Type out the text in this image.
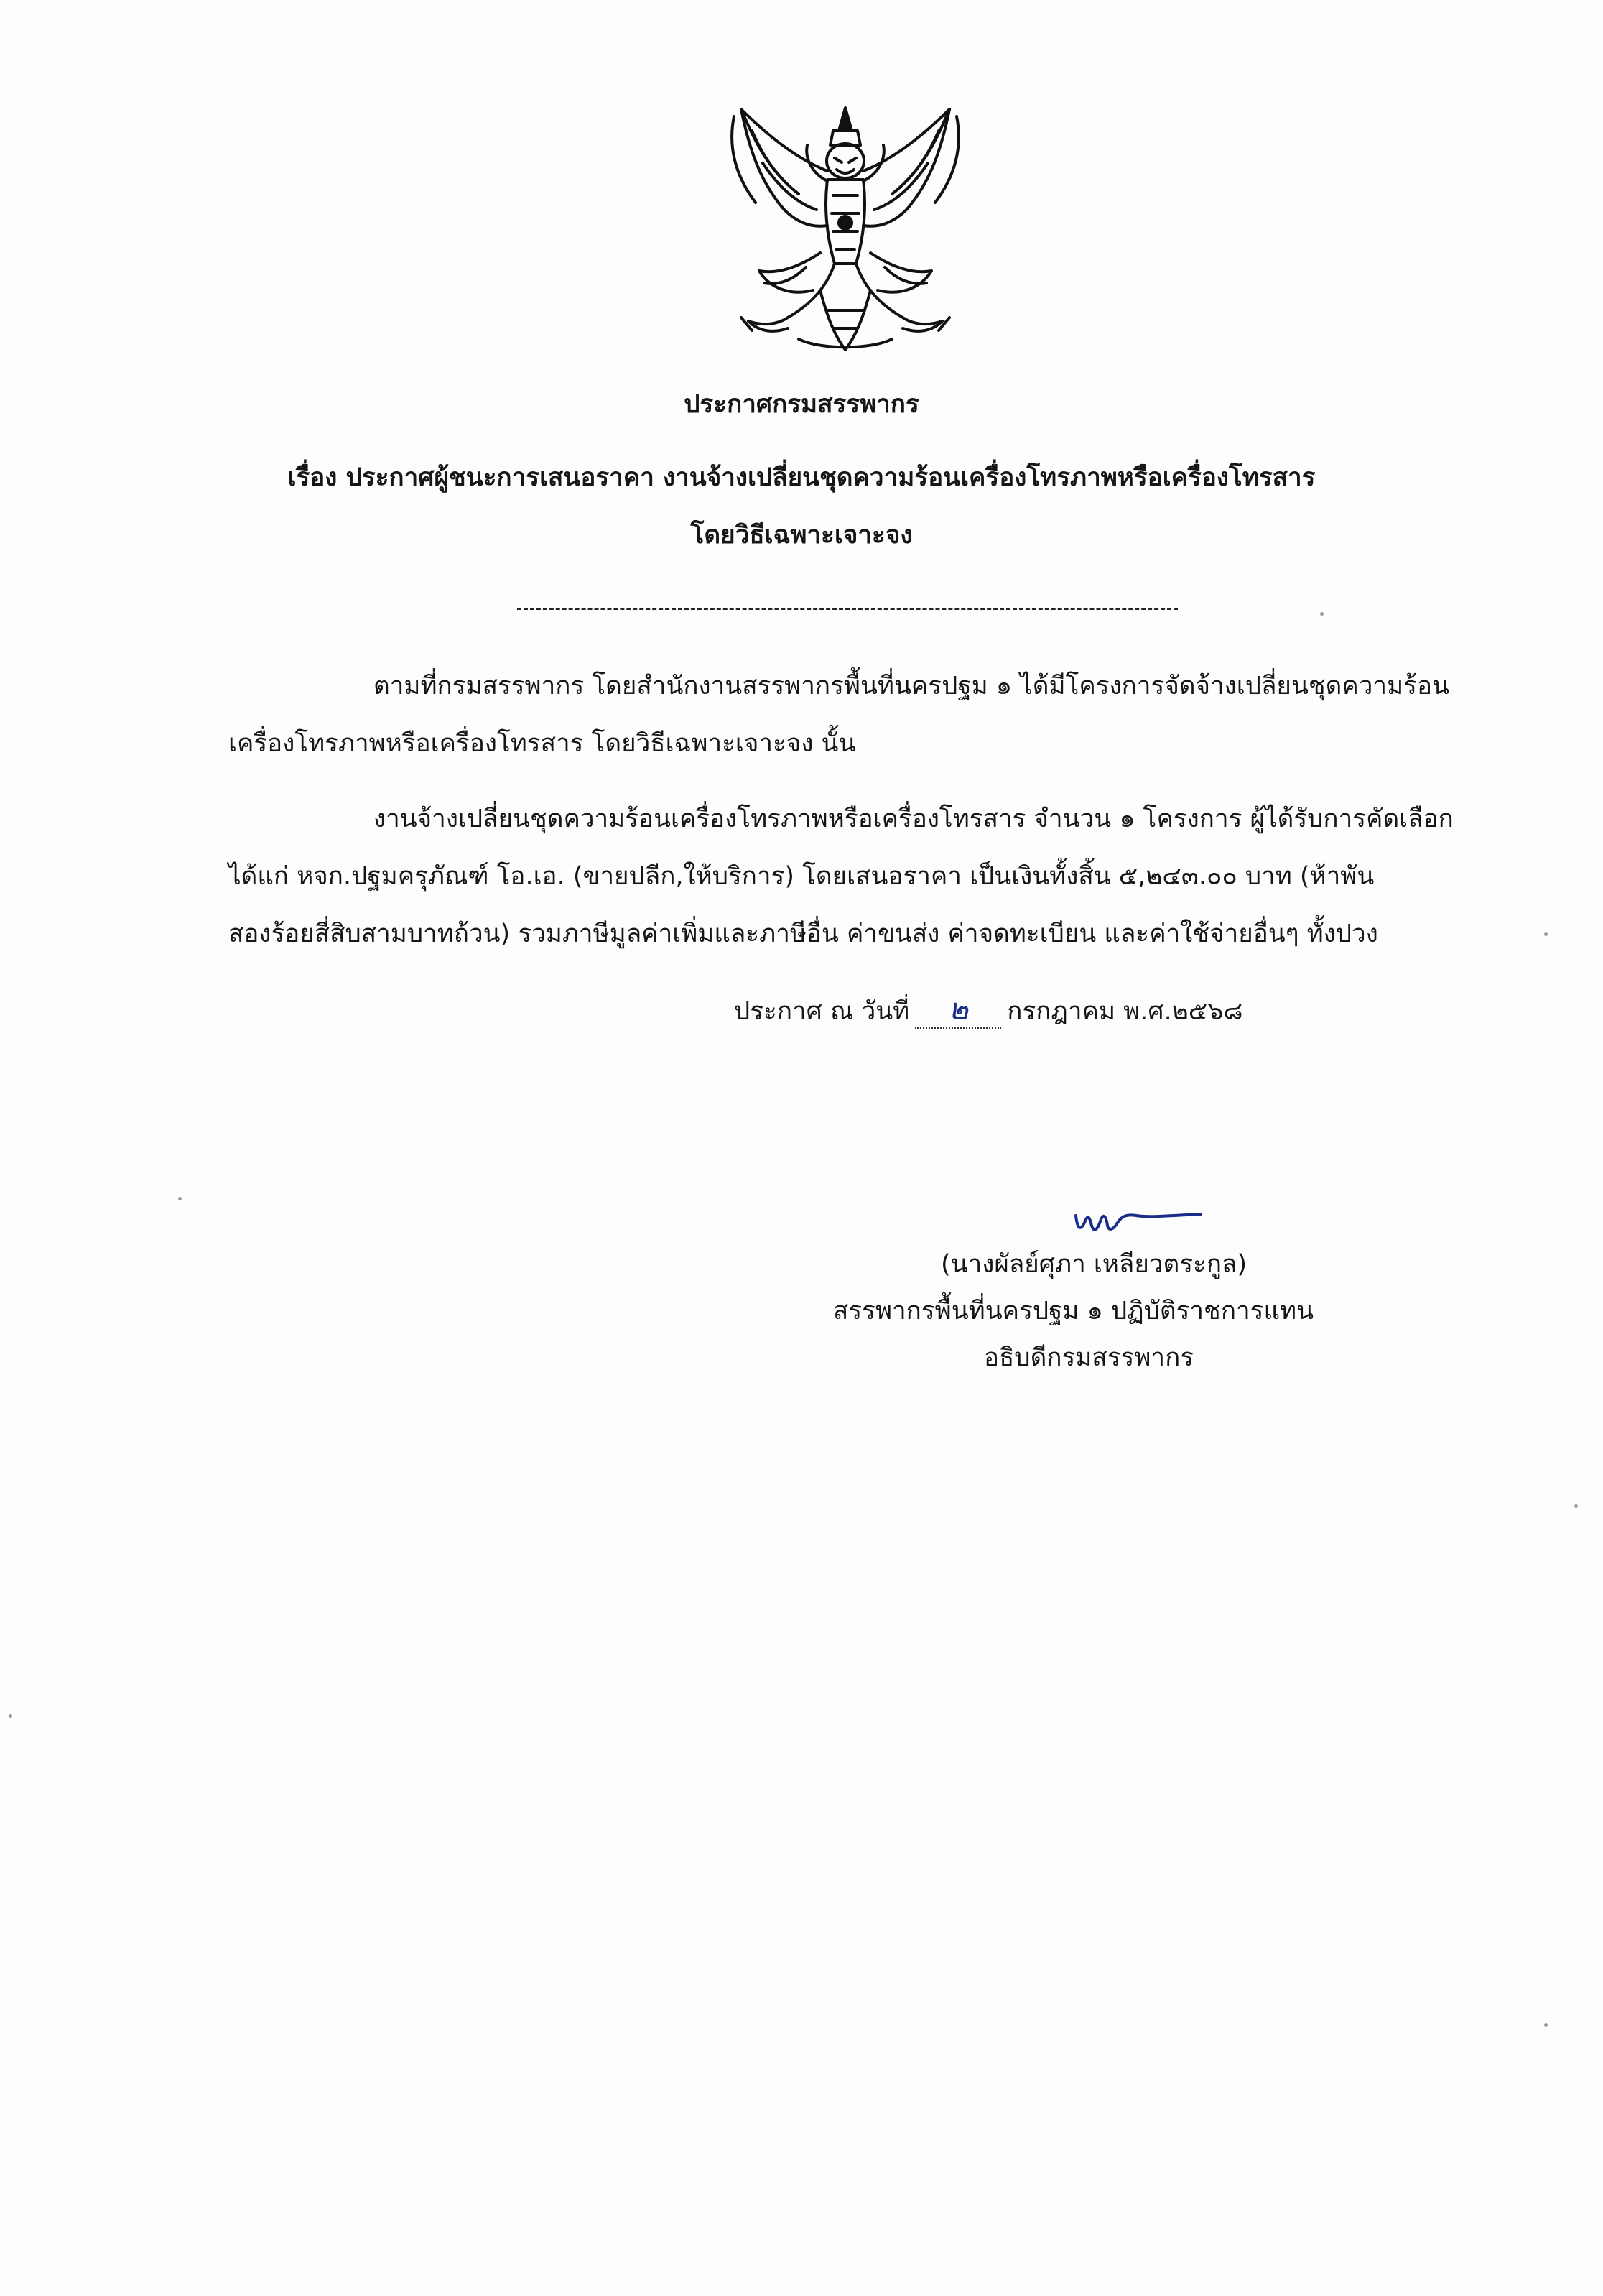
ประกาศกรมสรรพากร
เรื่อง ประกาศผู้ชนะการเสนอราคา งานจ้างเปลี่ยนชุดความร้อนเครื่องโทรภาพหรือเครื่องโทรสาร
โดยวิธีเฉพาะเจาะจง
ตามที่กรมสรรพากร โดยสำนักงานสรรพากรพื้นที่นครปฐม ๑ ได้มีโครงการจัดจ้างเปลี่ยนชุดความร้อน
เครื่องโทรภาพหรือเครื่องโทรสาร โดยวิธีเฉพาะเจาะจง นั้น
งานจ้างเปลี่ยนชุดความร้อนเครื่องโทรภาพหรือเครื่องโทรสาร จำนวน ๑ โครงการ ผู้ได้รับการคัดเลือก
ได้แก่ หจก.ปฐมครุภัณฑ์ โอ.เอ. (ขายปลีก,ให้บริการ) โดยเสนอราคา เป็นเงินทั้งสิ้น ๕,๒๔๓.๐๐ บาท (ห้าพัน
สองร้อยสี่สิบสามบาทถ้วน) รวมภาษีมูลค่าเพิ่มและภาษีอื่น ค่าขนส่ง ค่าจดทะเบียน และค่าใช้จ่ายอื่นๆ ทั้งปวง
ประกาศ ณ วันที่ ๒ กรกฎาคม พ.ศ.๒๕๖๘
(นางผัลย์ศุภา เหลียวตระกูล)
สรรพากรพื้นที่นครปฐม ๑ ปฏิบัติราชการแทน
อธิบดีกรมสรรพากร
